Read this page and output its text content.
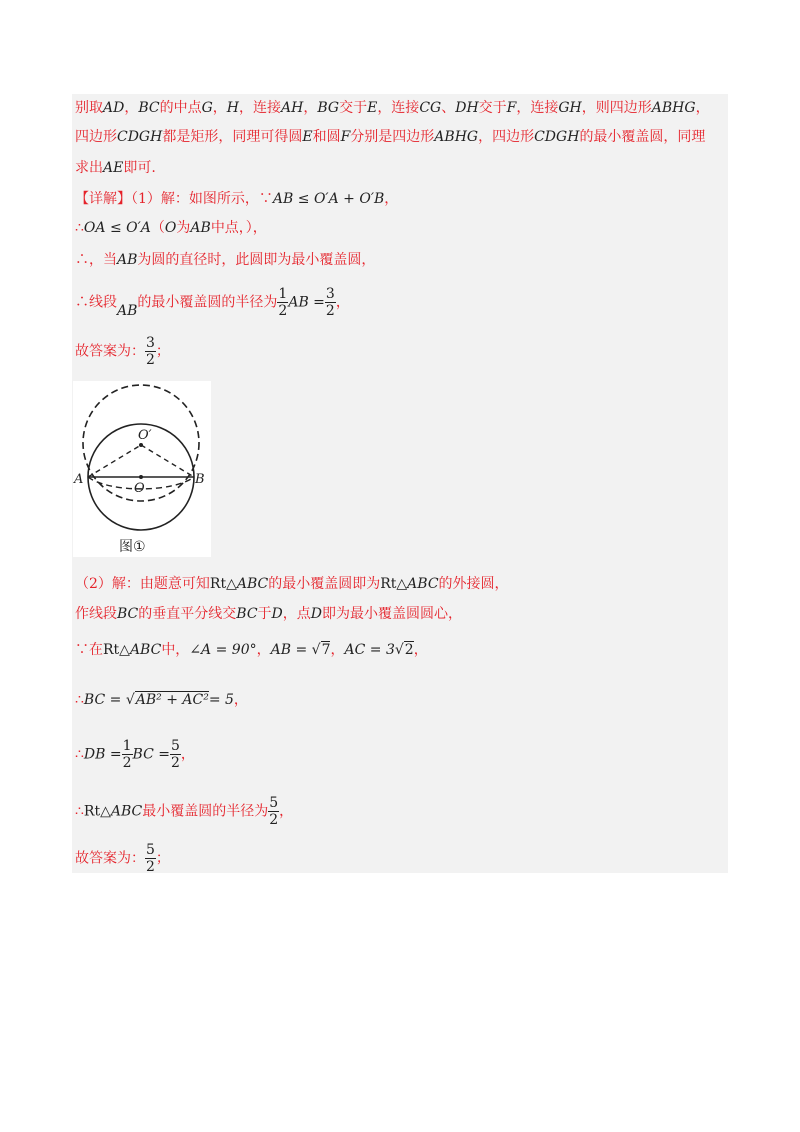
别取AD，BC的中点G，H，连接AH，BG交于E，连接CG、DH交于F，连接GH，则四边形ABHG，
四边形CDGH都是矩形，同理可得圆E和圆F分别是四边形ABHG，四边形CDGH的最小覆盖圆，同理
求出AE即可.
【详解】（1）解：如图所示，∵AB ≤ O′A + O′B，
∴OA ≤ O′A（O为AB中点，），
∴，当AB为圆的直径时，此圆即为最小覆盖圆，
∴线段AB的最小覆盖圆的半径为 $\frac{1}{2}$ AB = $\frac{3}{2}$ ，
故答案为： $\frac{3}{2}$ ；
A	B
O
O′
图①
（2）解：由题意可知Rt△ABC的最小覆盖圆即为Rt△ABC的外接圆，
作线段BC的垂直平分线交BC于D，点D即为最小覆盖圆圆心，
∵在Rt△ABC中，∠A = 90°，AB = √7，AC = 3√2，
∴BC = √AB² + AC²= 5，
∴DB = $\frac{1}{2}$ BC = $\frac{5}{2}$ ，
∴Rt△ABC最小覆盖圆的半径为 $\frac{5}{2}$ ，
故答案为： $\frac{5}{2}$ ；
